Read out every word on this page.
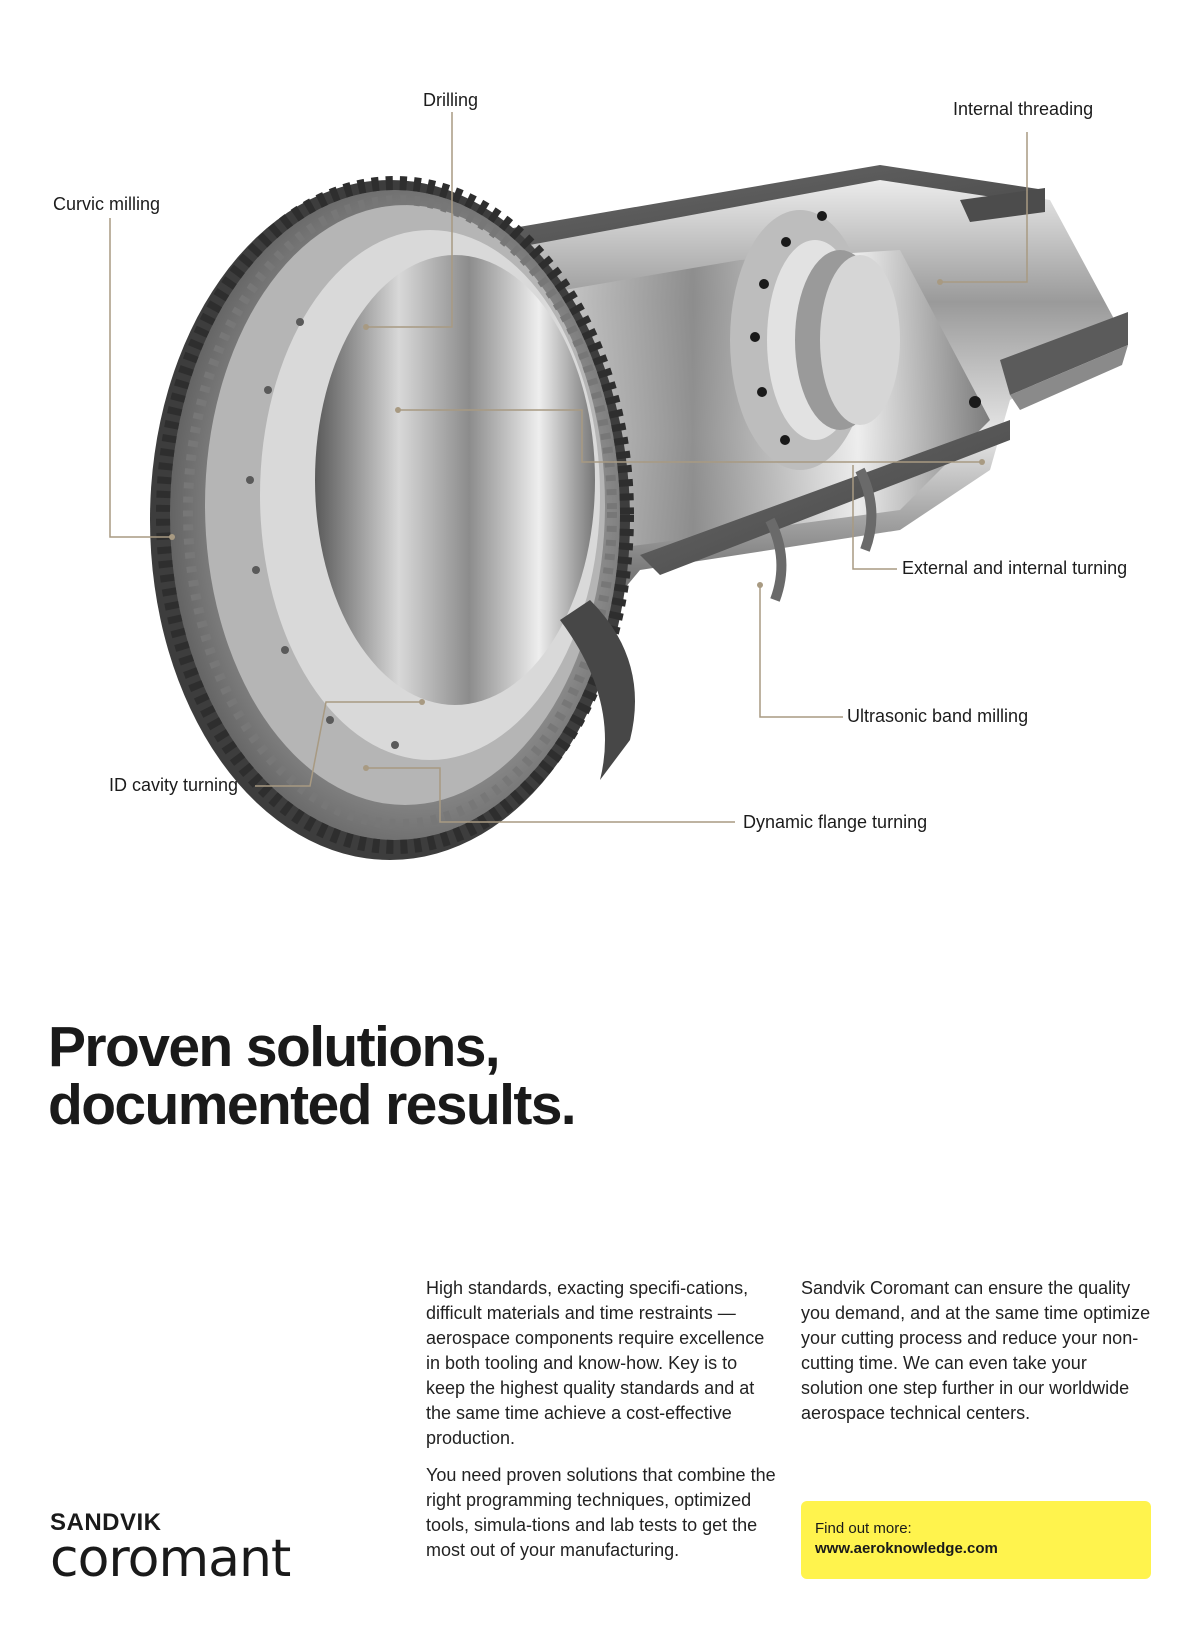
Drilling	Internal threading
Curvic milling
External and internal turning
Ultrasonic band milling
ID cavity turning
Dynamic flange turning
Proven solutions,
documented results.

High standards, exacting specifi-cations, difficult materials and time restraints — aerospace components require excellence in both tooling and know-how. Key is to keep the highest quality standards and at the same time achieve a cost-effective production.

You need proven solutions that combine the right programming techniques, optimized tools, simula-tions and lab tests to get the most out of your manufacturing.

Sandvik Coromant can ensure the quality you demand, and at the same time optimize your cutting process and reduce your non-cutting time. We can even take your solution one step further in our worldwide aerospace technical centers.

Find out more:
www.aeroknowledge.com
SANDVIK
coromant
